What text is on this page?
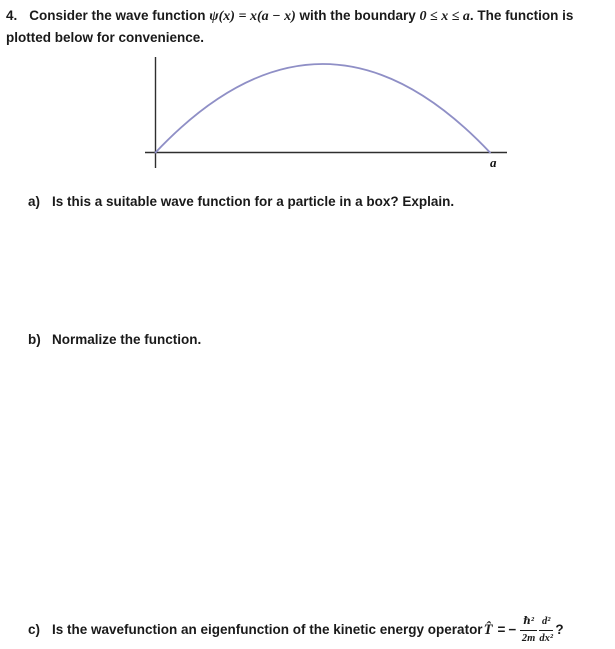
4. Consider the wave function ψ(x) = x(a − x) with the boundary 0 ≤ x ≤ a. The function is
plotted below for convenience.
a
a) Is this a suitable wave function for a particle in a box? Explain.
b) Normalize the function.
c) Is the wavefunction an eigenfunction of the kinetic energy operator T̂ = − $\frac{\text{ℏ²}}{2m} \frac{\text{d²}}{\text{dx²}}$ ?
